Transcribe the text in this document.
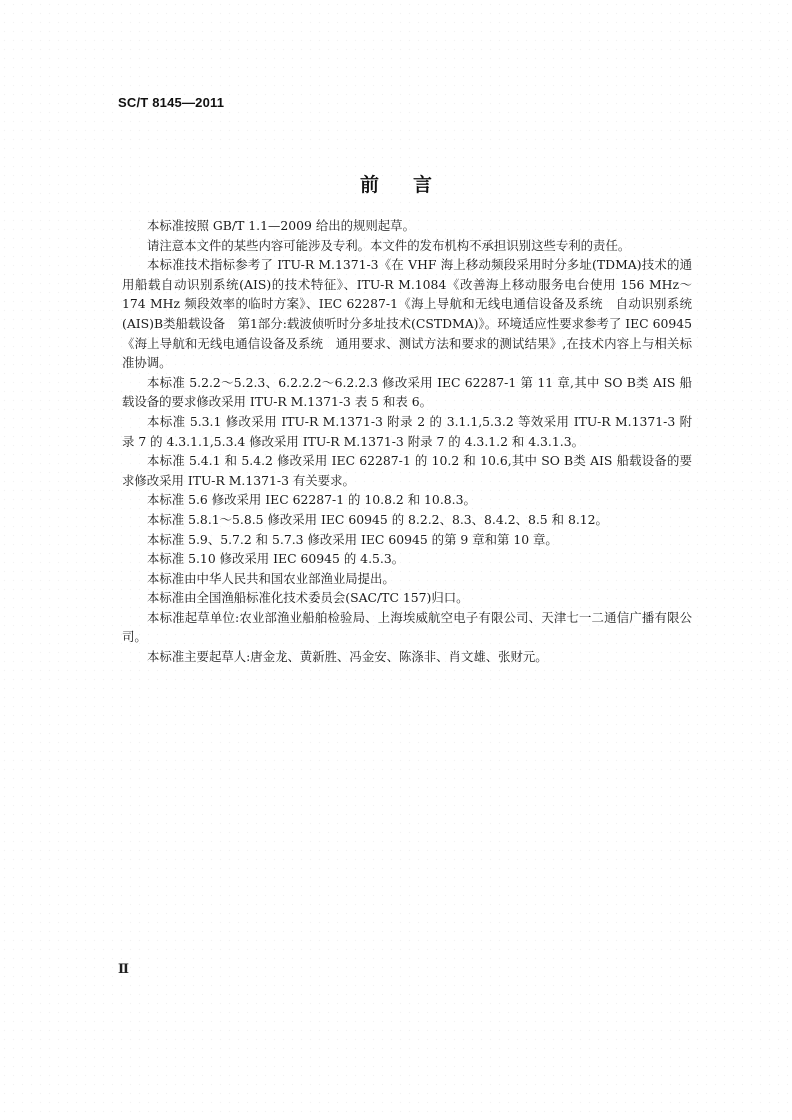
SC/T 8145—2011
前言

本标准按照 GB/T 1.1—2009 给出的规则起草。

请注意本文件的某些内容可能涉及专利。本文件的发布机构不承担识别这些专利的责任。

本标准技术指标参考了 ITU-R M.1371-3《在 VHF 海上移动频段采用时分多址(TDMA)技术的通用船载自动识别系统(AIS)的技术特征》、ITU-R M.1084《改善海上移动服务电台使用 156 MHz～174 MHz 频段效率的临时方案》、IEC 62287-1《海上导航和无线电通信设备及系统　自动识别系统(AIS)B类船载设备　第1部分:载波侦听时分多址技术(CSTDMA)》。环境适应性要求参考了 IEC 60945《海上导航和无线电通信设备及系统　通用要求、测试方法和要求的测试结果》,在技术内容上与相关标准协调。

本标准 5.2.2～5.2.3、6.2.2.2～6.2.2.3 修改采用 IEC 62287-1 第 11 章,其中 SO B类 AIS 船载设备的要求修改采用 ITU-R M.1371-3 表 5 和表 6。

本标准 5.3.1 修改采用 ITU-R M.1371-3 附录 2 的 3.1.1,5.3.2 等效采用 ITU-R M.1371-3 附录 7 的 4.3.1.1,5.3.4 修改采用 ITU-R M.1371-3 附录 7 的 4.3.1.2 和 4.3.1.3。

本标准 5.4.1 和 5.4.2 修改采用 IEC 62287-1 的 10.2 和 10.6,其中 SO B类 AIS 船载设备的要求修改采用 ITU-R M.1371-3 有关要求。

本标准 5.6 修改采用 IEC 62287-1 的 10.8.2 和 10.8.3。

本标准 5.8.1～5.8.5 修改采用 IEC 60945 的 8.2.2、8.3、8.4.2、8.5 和 8.12。

本标准 5.9、5.7.2 和 5.7.3 修改采用 IEC 60945 的第 9 章和第 10 章。

本标准 5.10 修改采用 IEC 60945 的 4.5.3。

本标准由中华人民共和国农业部渔业局提出。

本标准由全国渔船标准化技术委员会(SAC/TC 157)归口。

本标准起草单位:农业部渔业船舶检验局、上海埃威航空电子有限公司、天津七一二通信广播有限公司。

本标准主要起草人:唐金龙、黄新胜、冯金安、陈涤非、肖文雄、张财元。

Ⅱ
